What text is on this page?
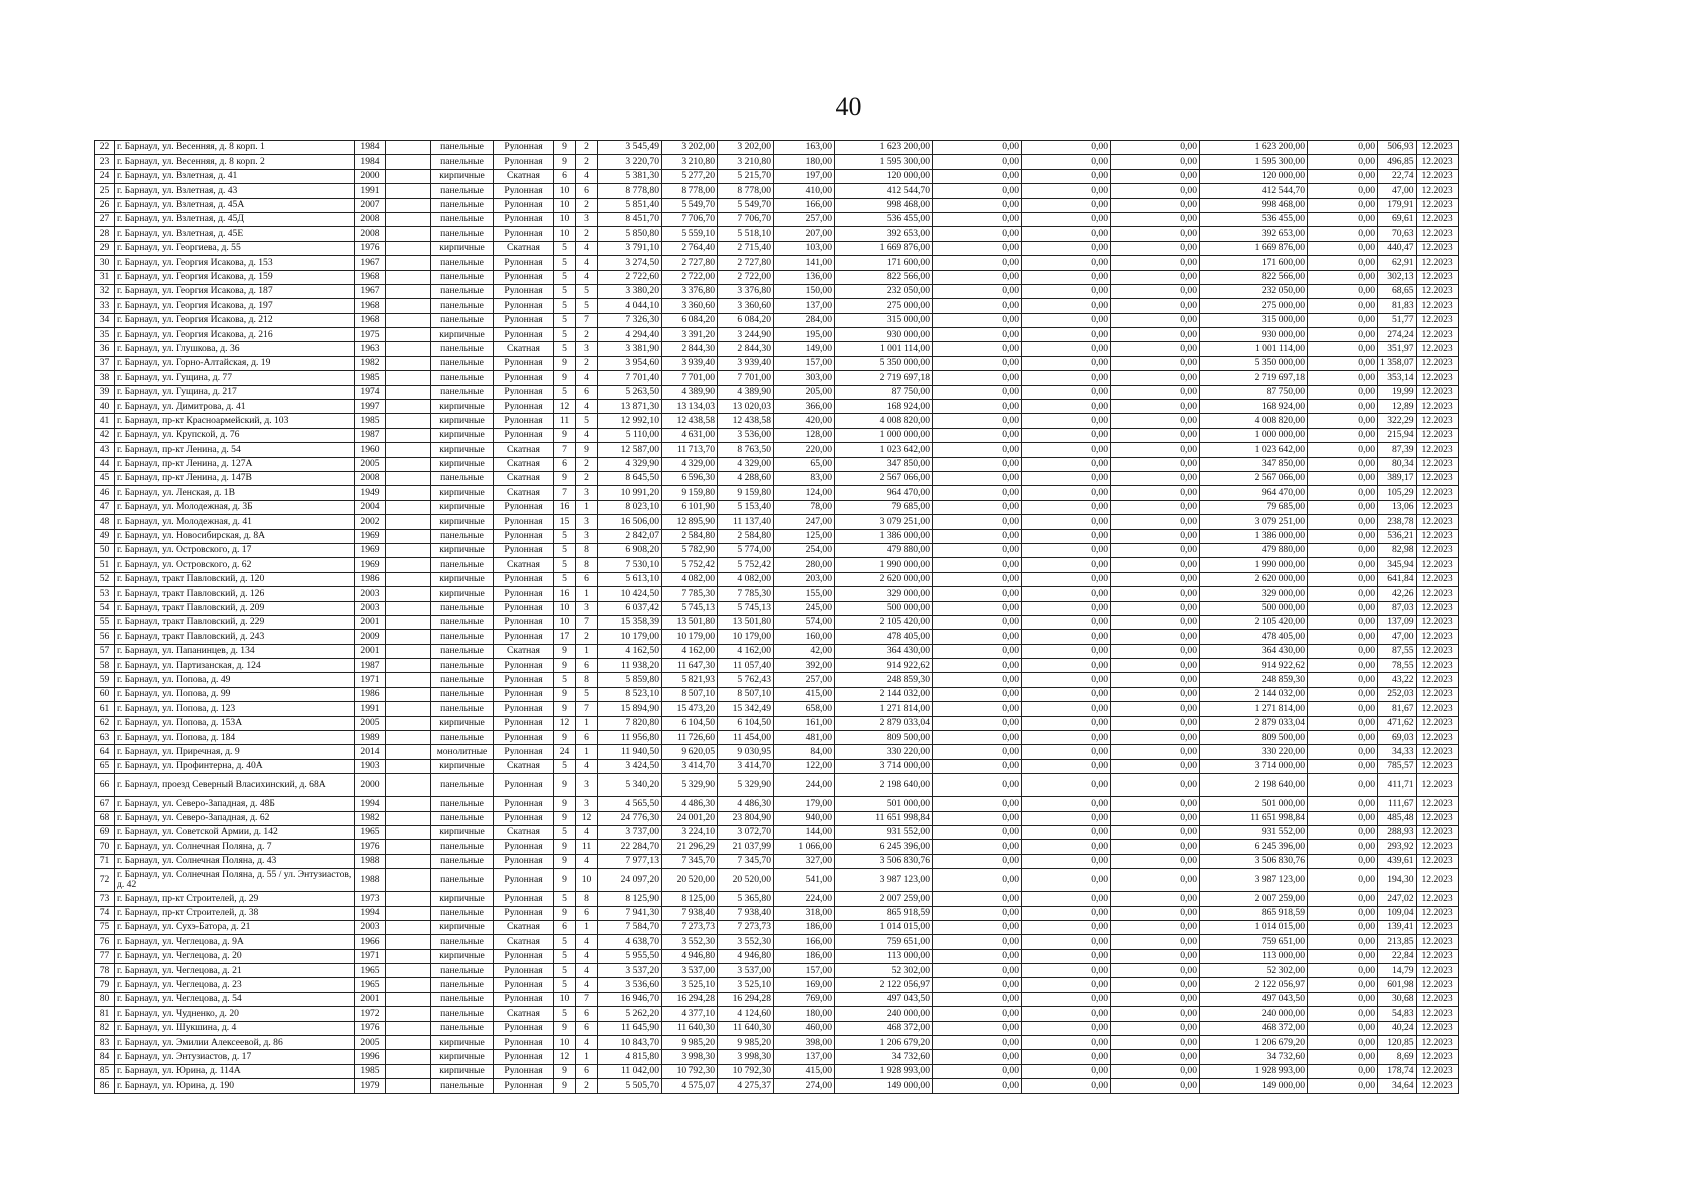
40
22	г. Барнаул, ул. Весенняя, д. 8 корп. 1	1984		панельные	Рулонная	9	2	3 545,49	3 202,00	3 202,00	163,00	1 623 200,00	0,00	0,00	0,00	1 623 200,00	0,00	506,93	12.2023
23	г. Барнаул, ул. Весенняя, д. 8 корп. 2	1984		панельные	Рулонная	9	2	3 220,70	3 210,80	3 210,80	180,00	1 595 300,00	0,00	0,00	0,00	1 595 300,00	0,00	496,85	12.2023
24	г. Барнаул, ул. Взлетная, д. 41	2000		кирпичные	Скатная	6	4	5 381,30	5 277,20	5 215,70	197,00	120 000,00	0,00	0,00	0,00	120 000,00	0,00	22,74	12.2023
25	г. Барнаул, ул. Взлетная, д. 43	1991		панельные	Рулонная	10	6	8 778,80	8 778,00	8 778,00	410,00	412 544,70	0,00	0,00	0,00	412 544,70	0,00	47,00	12.2023
26	г. Барнаул, ул. Взлетная, д. 45А	2007		панельные	Рулонная	10	2	5 851,40	5 549,70	5 549,70	166,00	998 468,00	0,00	0,00	0,00	998 468,00	0,00	179,91	12.2023
27	г. Барнаул, ул. Взлетная, д. 45Д	2008		панельные	Рулонная	10	3	8 451,70	7 706,70	7 706,70	257,00	536 455,00	0,00	0,00	0,00	536 455,00	0,00	69,61	12.2023
28	г. Барнаул, ул. Взлетная, д. 45Е	2008		панельные	Рулонная	10	2	5 850,80	5 559,10	5 518,10	207,00	392 653,00	0,00	0,00	0,00	392 653,00	0,00	70,63	12.2023
29	г. Барнаул, ул. Георгиева, д. 55	1976		кирпичные	Скатная	5	4	3 791,10	2 764,40	2 715,40	103,00	1 669 876,00	0,00	0,00	0,00	1 669 876,00	0,00	440,47	12.2023
30	г. Барнаул, ул. Георгия Исакова, д. 153	1967		панельные	Рулонная	5	4	3 274,50	2 727,80	2 727,80	141,00	171 600,00	0,00	0,00	0,00	171 600,00	0,00	62,91	12.2023
31	г. Барнаул, ул. Георгия Исакова, д. 159	1968		панельные	Рулонная	5	4	2 722,60	2 722,00	2 722,00	136,00	822 566,00	0,00	0,00	0,00	822 566,00	0,00	302,13	12.2023
32	г. Барнаул, ул. Георгия Исакова, д. 187	1967		панельные	Рулонная	5	5	3 380,20	3 376,80	3 376,80	150,00	232 050,00	0,00	0,00	0,00	232 050,00	0,00	68,65	12.2023
33	г. Барнаул, ул. Георгия Исакова, д. 197	1968		панельные	Рулонная	5	5	4 044,10	3 360,60	3 360,60	137,00	275 000,00	0,00	0,00	0,00	275 000,00	0,00	81,83	12.2023
34	г. Барнаул, ул. Георгия Исакова, д. 212	1968		панельные	Рулонная	5	7	7 326,30	6 084,20	6 084,20	284,00	315 000,00	0,00	0,00	0,00	315 000,00	0,00	51,77	12.2023
35	г. Барнаул, ул. Георгия Исакова, д. 216	1975		кирпичные	Рулонная	5	2	4 294,40	3 391,20	3 244,90	195,00	930 000,00	0,00	0,00	0,00	930 000,00	0,00	274,24	12.2023
36	г. Барнаул, ул. Глушкова, д. 36	1963		панельные	Скатная	5	3	3 381,90	2 844,30	2 844,30	149,00	1 001 114,00	0,00	0,00	0,00	1 001 114,00	0,00	351,97	12.2023
37	г. Барнаул, ул. Горно-Алтайская, д. 19	1982		панельные	Рулонная	9	2	3 954,60	3 939,40	3 939,40	157,00	5 350 000,00	0,00	0,00	0,00	5 350 000,00	0,00	1 358,07	12.2023
38	г. Барнаул, ул. Гущина, д. 77	1985		панельные	Рулонная	9	4	7 701,40	7 701,00	7 701,00	303,00	2 719 697,18	0,00	0,00	0,00	2 719 697,18	0,00	353,14	12.2023
39	г. Барнаул, ул. Гущина, д. 217	1974		панельные	Рулонная	5	6	5 263,50	4 389,90	4 389,90	205,00	87 750,00	0,00	0,00	0,00	87 750,00	0,00	19,99	12.2023
40	г. Барнаул, ул. Димитрова, д. 41	1997		кирпичные	Рулонная	12	4	13 871,30	13 134,03	13 020,03	366,00	168 924,00	0,00	0,00	0,00	168 924,00	0,00	12,89	12.2023
41	г. Барнаул, пр-кт Красноармейский, д. 103	1985		кирпичные	Рулонная	11	5	12 992,10	12 438,58	12 438,58	420,00	4 008 820,00	0,00	0,00	0,00	4 008 820,00	0,00	322,29	12.2023
42	г. Барнаул, ул. Крупской, д. 76	1987		кирпичные	Рулонная	9	4	5 110,00	4 631,00	3 536,00	128,00	1 000 000,00	0,00	0,00	0,00	1 000 000,00	0,00	215,94	12.2023
43	г. Барнаул, пр-кт Ленина, д. 54	1960		кирпичные	Скатная	7	9	12 587,00	11 713,70	8 763,50	220,00	1 023 642,00	0,00	0,00	0,00	1 023 642,00	0,00	87,39	12.2023
44	г. Барнаул, пр-кт Ленина, д. 127А	2005		кирпичные	Скатная	6	2	4 329,90	4 329,00	4 329,00	65,00	347 850,00	0,00	0,00	0,00	347 850,00	0,00	80,34	12.2023
45	г. Барнаул, пр-кт Ленина, д. 147В	2008		панельные	Скатная	9	2	8 645,50	6 596,30	4 288,60	83,00	2 567 066,00	0,00	0,00	0,00	2 567 066,00	0,00	389,17	12.2023
46	г. Барнаул, ул. Ленская, д. 1В	1949		кирпичные	Скатная	7	3	10 991,20	9 159,80	9 159,80	124,00	964 470,00	0,00	0,00	0,00	964 470,00	0,00	105,29	12.2023
47	г. Барнаул, ул. Молодежная, д. 3Б	2004		кирпичные	Рулонная	16	1	8 023,10	6 101,90	5 153,40	78,00	79 685,00	0,00	0,00	0,00	79 685,00	0,00	13,06	12.2023
48	г. Барнаул, ул. Молодежная, д. 41	2002		кирпичные	Рулонная	15	3	16 506,00	12 895,90	11 137,40	247,00	3 079 251,00	0,00	0,00	0,00	3 079 251,00	0,00	238,78	12.2023
49	г. Барнаул, ул. Новосибирская, д. 8А	1969		панельные	Рулонная	5	3	2 842,07	2 584,80	2 584,80	125,00	1 386 000,00	0,00	0,00	0,00	1 386 000,00	0,00	536,21	12.2023
50	г. Барнаул, ул. Островского, д. 17	1969		кирпичные	Рулонная	5	8	6 908,20	5 782,90	5 774,00	254,00	479 880,00	0,00	0,00	0,00	479 880,00	0,00	82,98	12.2023
51	г. Барнаул, ул. Островского, д. 62	1969		панельные	Скатная	5	8	7 530,10	5 752,42	5 752,42	280,00	1 990 000,00	0,00	0,00	0,00	1 990 000,00	0,00	345,94	12.2023
52	г. Барнаул, тракт Павловский, д. 120	1986		кирпичные	Рулонная	5	6	5 613,10	4 082,00	4 082,00	203,00	2 620 000,00	0,00	0,00	0,00	2 620 000,00	0,00	641,84	12.2023
53	г. Барнаул, тракт Павловский, д. 126	2003		кирпичные	Рулонная	16	1	10 424,50	7 785,30	7 785,30	155,00	329 000,00	0,00	0,00	0,00	329 000,00	0,00	42,26	12.2023
54	г. Барнаул, тракт Павловский, д. 209	2003		панельные	Рулонная	10	3	6 037,42	5 745,13	5 745,13	245,00	500 000,00	0,00	0,00	0,00	500 000,00	0,00	87,03	12.2023
55	г. Барнаул, тракт Павловский, д. 229	2001		панельные	Рулонная	10	7	15 358,39	13 501,80	13 501,80	574,00	2 105 420,00	0,00	0,00	0,00	2 105 420,00	0,00	137,09	12.2023
56	г. Барнаул, тракт Павловский, д. 243	2009		панельные	Рулонная	17	2	10 179,00	10 179,00	10 179,00	160,00	478 405,00	0,00	0,00	0,00	478 405,00	0,00	47,00	12.2023
57	г. Барнаул, ул. Папанинцев, д. 134	2001		панельные	Скатная	9	1	4 162,50	4 162,00	4 162,00	42,00	364 430,00	0,00	0,00	0,00	364 430,00	0,00	87,55	12.2023
58	г. Барнаул, ул. Партизанская, д. 124	1987		панельные	Рулонная	9	6	11 938,20	11 647,30	11 057,40	392,00	914 922,62	0,00	0,00	0,00	914 922,62	0,00	78,55	12.2023
59	г. Барнаул, ул. Попова, д. 49	1971		панельные	Рулонная	5	8	5 859,80	5 821,93	5 762,43	257,00	248 859,30	0,00	0,00	0,00	248 859,30	0,00	43,22	12.2023
60	г. Барнаул, ул. Попова, д. 99	1986		панельные	Рулонная	9	5	8 523,10	8 507,10	8 507,10	415,00	2 144 032,00	0,00	0,00	0,00	2 144 032,00	0,00	252,03	12.2023
61	г. Барнаул, ул. Попова, д. 123	1991		панельные	Рулонная	9	7	15 894,90	15 473,20	15 342,49	658,00	1 271 814,00	0,00	0,00	0,00	1 271 814,00	0,00	81,67	12.2023
62	г. Барнаул, ул. Попова, д. 153А	2005		кирпичные	Рулонная	12	1	7 820,80	6 104,50	6 104,50	161,00	2 879 033,04	0,00	0,00	0,00	2 879 033,04	0,00	471,62	12.2023
63	г. Барнаул, ул. Попова, д. 184	1989		панельные	Рулонная	9	6	11 956,80	11 726,60	11 454,00	481,00	809 500,00	0,00	0,00	0,00	809 500,00	0,00	69,03	12.2023
64	г. Барнаул, ул. Приречная, д. 9	2014		монолитные	Рулонная	24	1	11 940,50	9 620,05	9 030,95	84,00	330 220,00	0,00	0,00	0,00	330 220,00	0,00	34,33	12.2023
65	г. Барнаул, ул. Профинтерна, д. 40А	1903		кирпичные	Скатная	5	4	3 424,50	3 414,70	3 414,70	122,00	3 714 000,00	0,00	0,00	0,00	3 714 000,00	0,00	785,57	12.2023
66	г. Барнаул, проезд Северный Власихинский, д. 68А	2000		панельные	Рулонная	9	3	5 340,20	5 329,90	5 329,90	244,00	2 198 640,00	0,00	0,00	0,00	2 198 640,00	0,00	411,71	12.2023
67	г. Барнаул, ул. Северо-Западная, д. 48Б	1994		панельные	Рулонная	9	3	4 565,50	4 486,30	4 486,30	179,00	501 000,00	0,00	0,00	0,00	501 000,00	0,00	111,67	12.2023
68	г. Барнаул, ул. Северо-Западная, д. 62	1982		панельные	Рулонная	9	12	24 776,30	24 001,20	23 804,90	940,00	11 651 998,84	0,00	0,00	0,00	11 651 998,84	0,00	485,48	12.2023
69	г. Барнаул, ул. Советской Армии, д. 142	1965		кирпичные	Скатная	5	4	3 737,00	3 224,10	3 072,70	144,00	931 552,00	0,00	0,00	0,00	931 552,00	0,00	288,93	12.2023
70	г. Барнаул, ул. Солнечная Поляна, д. 7	1976		панельные	Рулонная	9	11	22 284,70	21 296,29	21 037,99	1 066,00	6 245 396,00	0,00	0,00	0,00	6 245 396,00	0,00	293,92	12.2023
71	г. Барнаул, ул. Солнечная Поляна, д. 43	1988		панельные	Рулонная	9	4	7 977,13	7 345,70	7 345,70	327,00	3 506 830,76	0,00	0,00	0,00	3 506 830,76	0,00	439,61	12.2023
72	г. Барнаул, ул. Солнечная Поляна, д. 55 / ул. Энтузиастов, д. 42	1988		панельные	Рулонная	9	10	24 097,20	20 520,00	20 520,00	541,00	3 987 123,00	0,00	0,00	0,00	3 987 123,00	0,00	194,30	12.2023
73	г. Барнаул, пр-кт Строителей, д. 29	1973		кирпичные	Рулонная	5	8	8 125,90	8 125,00	5 365,80	224,00	2 007 259,00	0,00	0,00	0,00	2 007 259,00	0,00	247,02	12.2023
74	г. Барнаул, пр-кт Строителей, д. 38	1994		панельные	Рулонная	9	6	7 941,30	7 938,40	7 938,40	318,00	865 918,59	0,00	0,00	0,00	865 918,59	0,00	109,04	12.2023
75	г. Барнаул, ул. Сухэ-Батора, д. 21	2003		кирпичные	Скатная	6	1	7 584,70	7 273,73	7 273,73	186,00	1 014 015,00	0,00	0,00	0,00	1 014 015,00	0,00	139,41	12.2023
76	г. Барнаул, ул. Чеглецова, д. 9А	1966		панельные	Скатная	5	4	4 638,70	3 552,30	3 552,30	166,00	759 651,00	0,00	0,00	0,00	759 651,00	0,00	213,85	12.2023
77	г. Барнаул, ул. Чеглецова, д. 20	1971		кирпичные	Рулонная	5	4	5 955,50	4 946,80	4 946,80	186,00	113 000,00	0,00	0,00	0,00	113 000,00	0,00	22,84	12.2023
78	г. Барнаул, ул. Чеглецова, д. 21	1965		панельные	Рулонная	5	4	3 537,20	3 537,00	3 537,00	157,00	52 302,00	0,00	0,00	0,00	52 302,00	0,00	14,79	12.2023
79	г. Барнаул, ул. Чеглецова, д. 23	1965		панельные	Рулонная	5	4	3 536,60	3 525,10	3 525,10	169,00	2 122 056,97	0,00	0,00	0,00	2 122 056,97	0,00	601,98	12.2023
80	г. Барнаул, ул. Чеглецова, д. 54	2001		панельные	Рулонная	10	7	16 946,70	16 294,28	16 294,28	769,00	497 043,50	0,00	0,00	0,00	497 043,50	0,00	30,68	12.2023
81	г. Барнаул, ул. Чудненко, д. 20	1972		панельные	Скатная	5	6	5 262,20	4 377,10	4 124,60	180,00	240 000,00	0,00	0,00	0,00	240 000,00	0,00	54,83	12.2023
82	г. Барнаул, ул. Шукшина, д. 4	1976		панельные	Рулонная	9	6	11 645,90	11 640,30	11 640,30	460,00	468 372,00	0,00	0,00	0,00	468 372,00	0,00	40,24	12.2023
83	г. Барнаул, ул. Эмилии Алексеевой, д. 86	2005		кирпичные	Рулонная	10	4	10 843,70	9 985,20	9 985,20	398,00	1 206 679,20	0,00	0,00	0,00	1 206 679,20	0,00	120,85	12.2023
84	г. Барнаул, ул. Энтузиастов, д. 17	1996		кирпичные	Рулонная	12	1	4 815,80	3 998,30	3 998,30	137,00	34 732,60	0,00	0,00	0,00	34 732,60	0,00	8,69	12.2023
85	г. Барнаул, ул. Юрина, д. 114А	1985		кирпичные	Рулонная	9	6	11 042,00	10 792,30	10 792,30	415,00	1 928 993,00	0,00	0,00	0,00	1 928 993,00	0,00	178,74	12.2023
86	г. Барнаул, ул. Юрина, д. 190	1979		панельные	Рулонная	9	2	5 505,70	4 575,07	4 275,37	274,00	149 000,00	0,00	0,00	0,00	149 000,00	0,00	34,64	12.2023
